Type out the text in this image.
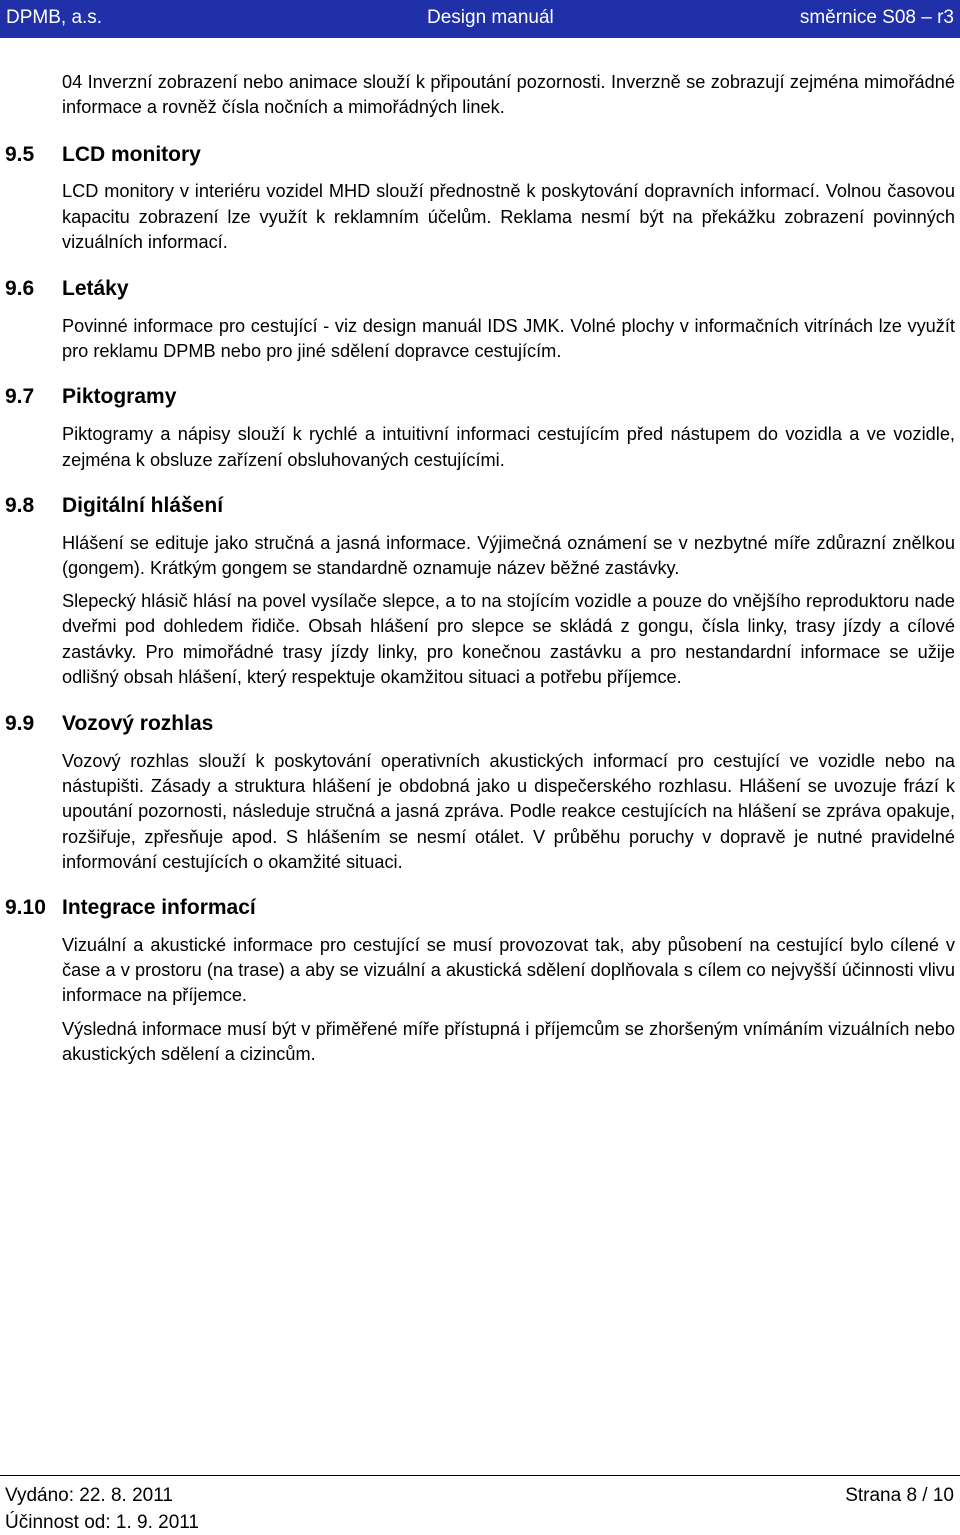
DPMB, a.s.	Design manuál	směrnice S08 – r3

04 Inverzní zobrazení nebo animace slouží k připoutání pozornosti. Inverzně se zobrazují zejména mimořádné informace a rovněž čísla nočních a mimořádných linek.

9.5 LCD monitory

LCD monitory v interiéru vozidel MHD slouží přednostně k poskytování dopravních informací. Volnou časovou kapacitu zobrazení lze využít k reklamním účelům. Reklama nesmí být na překážku zobrazení povinných vizuálních informací.

9.6 Letáky

Povinné informace pro cestující - viz design manuál IDS JMK. Volné plochy v informačních vitrínách lze využít pro reklamu DPMB nebo pro jiné sdělení dopravce cestujícím.

9.7 Piktogramy

Piktogramy a nápisy slouží k rychlé a intuitivní informaci cestujícím před nástupem do vozidla a ve vozidle, zejména k obsluze zařízení obsluhovaných cestujícími.

9.8 Digitální hlášení

Hlášení se edituje jako stručná a jasná informace. Výjimečná oznámení se v nezbytné míře zdůrazní znělkou (gongem). Krátkým gongem se standardně oznamuje název běžné zastávky.

Slepecký hlásič hlásí na povel vysílače slepce, a to na stojícím vozidle a pouze do vnějšího reproduktoru nade dveřmi pod dohledem řidiče. Obsah hlášení pro slepce se skládá z gongu, čísla linky, trasy jízdy a cílové zastávky. Pro mimořádné trasy jízdy linky, pro konečnou zastávku a pro nestandardní informace se užije odlišný obsah hlášení, který respektuje okamžitou situaci a potřebu příjemce.

9.9 Vozový rozhlas

Vozový rozhlas slouží k poskytování operativních akustických informací pro cestující ve vozidle nebo na nástupišti. Zásady a struktura hlášení je obdobná jako u dispečerského rozhlasu. Hlášení se uvozuje frází k upoutání pozornosti, následuje stručná a jasná zpráva. Podle reakce cestujících na hlášení se zpráva opakuje, rozšiřuje, zpřesňuje apod. S hlášením se nesmí otálet. V průběhu poruchy v dopravě je nutné pravidelné informování cestujících o okamžité situaci.

9.10 Integrace informací

Vizuální a akustické informace pro cestující se musí provozovat tak, aby působení na cestující bylo cílené v čase a v prostoru (na trase) a aby se vizuální a akustická sdělení doplňovala s cílem co nejvyšší účinnosti vlivu informace na příjemce.

Výsledná informace musí být v přiměřené míře přístupná i příjemcům se zhoršeným vnímáním vizuálních nebo akustických sdělení a cizincům.

Vydáno: 22. 8. 2011
Účinnost od: 1. 9. 2011
Strana 8 / 10
